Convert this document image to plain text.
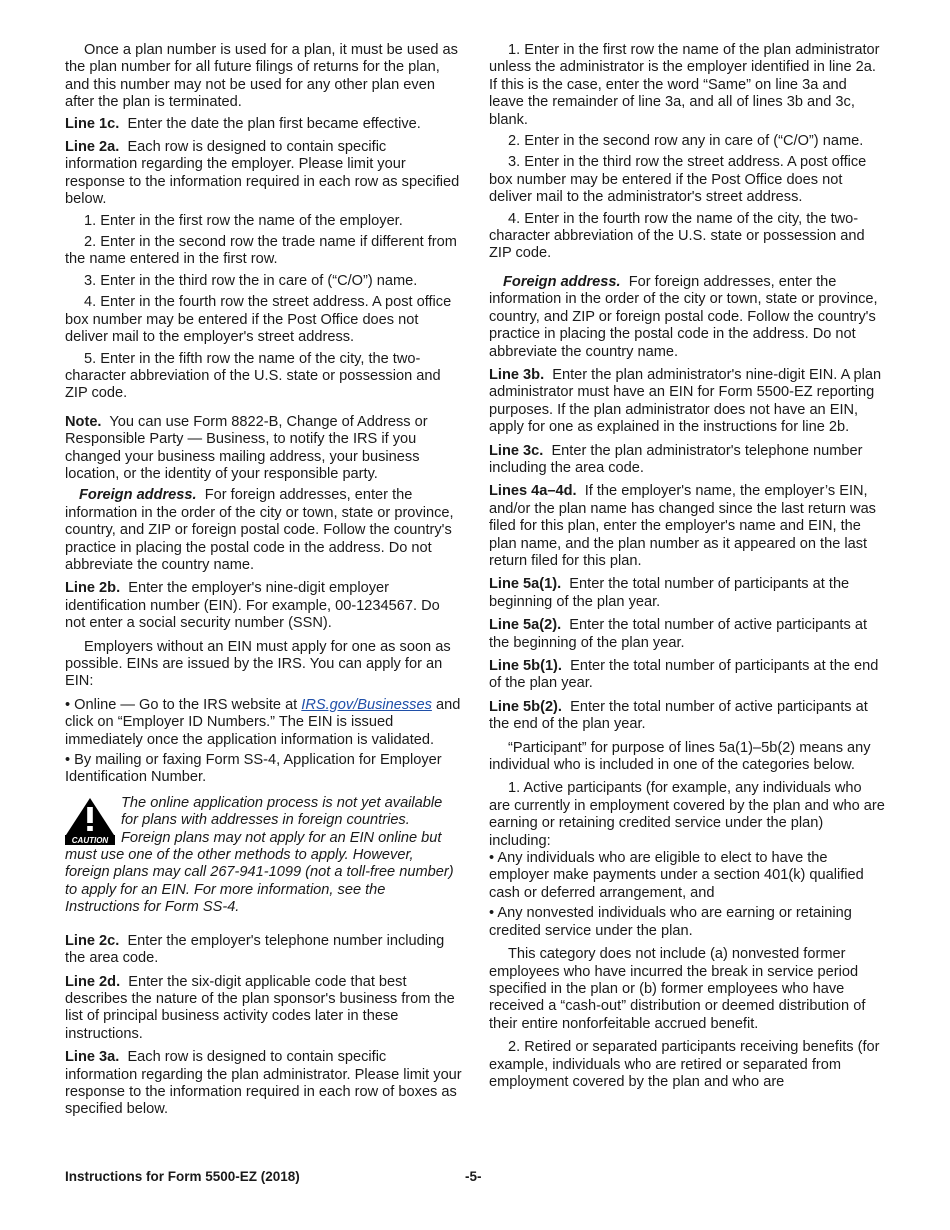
Once a plan number is used for a plan, it must be used as the plan number for all future filings of returns for the plan, and this number may not be used for any other plan even after the plan is terminated.

Line 1c. Enter the date the plan first became effective.

Line 2a. Each row is designed to contain specific information regarding the employer. Please limit your response to the information required in each row as specified below.

1. Enter in the first row the name of the employer.

2. Enter in the second row the trade name if different from the name entered in the first row.

3. Enter in the third row the in care of (“C/O”) name.

4. Enter in the fourth row the street address. A post office box number may be entered if the Post Office does not deliver mail to the employer's street address.

5. Enter in the fifth row the name of the city, the two-character abbreviation of the U.S. state or possession and ZIP code.

Note. You can use Form 8822-B, Change of Address or Responsible Party — Business, to notify the IRS if you changed your business mailing address, your business location, or the identity of your responsible party.

Foreign address. For foreign addresses, enter the information in the order of the city or town, state or province, country, and ZIP or foreign postal code. Follow the country's practice in placing the postal code in the address. Do not abbreviate the country name.

Line 2b. Enter the employer's nine-digit employer identification number (EIN). For example, 00-1234567. Do not enter a social security number (SSN).

Employers without an EIN must apply for one as soon as possible. EINs are issued by the IRS. You can apply for an EIN:

• Online — Go to the IRS website at IRS.gov/Businesses and click on “Employer ID Numbers.” The EIN is issued immediately once the application information is validated.

• By mailing or faxing Form SS-4, Application for Employer Identification Number.

CAUTION
The online application process is not yet available for plans with addresses in foreign countries. Foreign plans may not apply for an EIN online but must use one of the other methods to apply. However, foreign plans may call 267-941-1099 (not a toll-free number) to apply for an EIN. For more information, see the Instructions for Form SS-4.

Line 2c. Enter the employer's telephone number including the area code.

Line 2d. Enter the six-digit applicable code that best describes the nature of the plan sponsor's business from the list of principal business activity codes later in these instructions.

Line 3a. Each row is designed to contain specific information regarding the plan administrator. Please limit your response to the information required in each row of boxes as specified below.

1. Enter in the first row the name of the plan administrator unless the administrator is the employer identified in line 2a. If this is the case, enter the word “Same” on line 3a and leave the remainder of line 3a, and all of lines 3b and 3c, blank.

2. Enter in the second row any in care of (“C/O”) name.

3. Enter in the third row the street address. A post office box number may be entered if the Post Office does not deliver mail to the administrator's street address.

4. Enter in the fourth row the name of the city, the two-character abbreviation of the U.S. state or possession and ZIP code.

Foreign address. For foreign addresses, enter the information in the order of the city or town, state or province, country, and ZIP or foreign postal code. Follow the country's practice in placing the postal code in the address. Do not abbreviate the country name.

Line 3b. Enter the plan administrator's nine-digit EIN. A plan administrator must have an EIN for Form 5500-EZ reporting purposes. If the plan administrator does not have an EIN, apply for one as explained in the instructions for line 2b.

Line 3c. Enter the plan administrator's telephone number including the area code.

Lines 4a–4d. If the employer's name, the employer’s EIN, and/or the plan name has changed since the last return was filed for this plan, enter the employer's name and EIN, the plan name, and the plan number as it appeared on the last return filed for this plan.

Line 5a(1). Enter the total number of participants at the beginning of the plan year.

Line 5a(2). Enter the total number of active participants at the beginning of the plan year.

Line 5b(1). Enter the total number of participants at the end of the plan year.

Line 5b(2). Enter the total number of active participants at the end of the plan year.

“Participant” for purpose of lines 5a(1)–5b(2) means any individual who is included in one of the categories below.

1. Active participants (for example, any individuals who are currently in employment covered by the plan and who are earning or retaining credited service under the plan) including:

• Any individuals who are eligible to elect to have the employer make payments under a section 401(k) qualified cash or deferred arrangement, and

• Any nonvested individuals who are earning or retaining credited service under the plan.

This category does not include (a) nonvested former employees who have incurred the break in service period specified in the plan or (b) former employees who have received a “cash-out” distribution or deemed distribution of their entire nonforfeitable accrued benefit.

2. Retired or separated participants receiving benefits (for example, individuals who are retired or separated from employment covered by the plan and who are

Instructions for Form 5500-EZ (2018)	-5-
